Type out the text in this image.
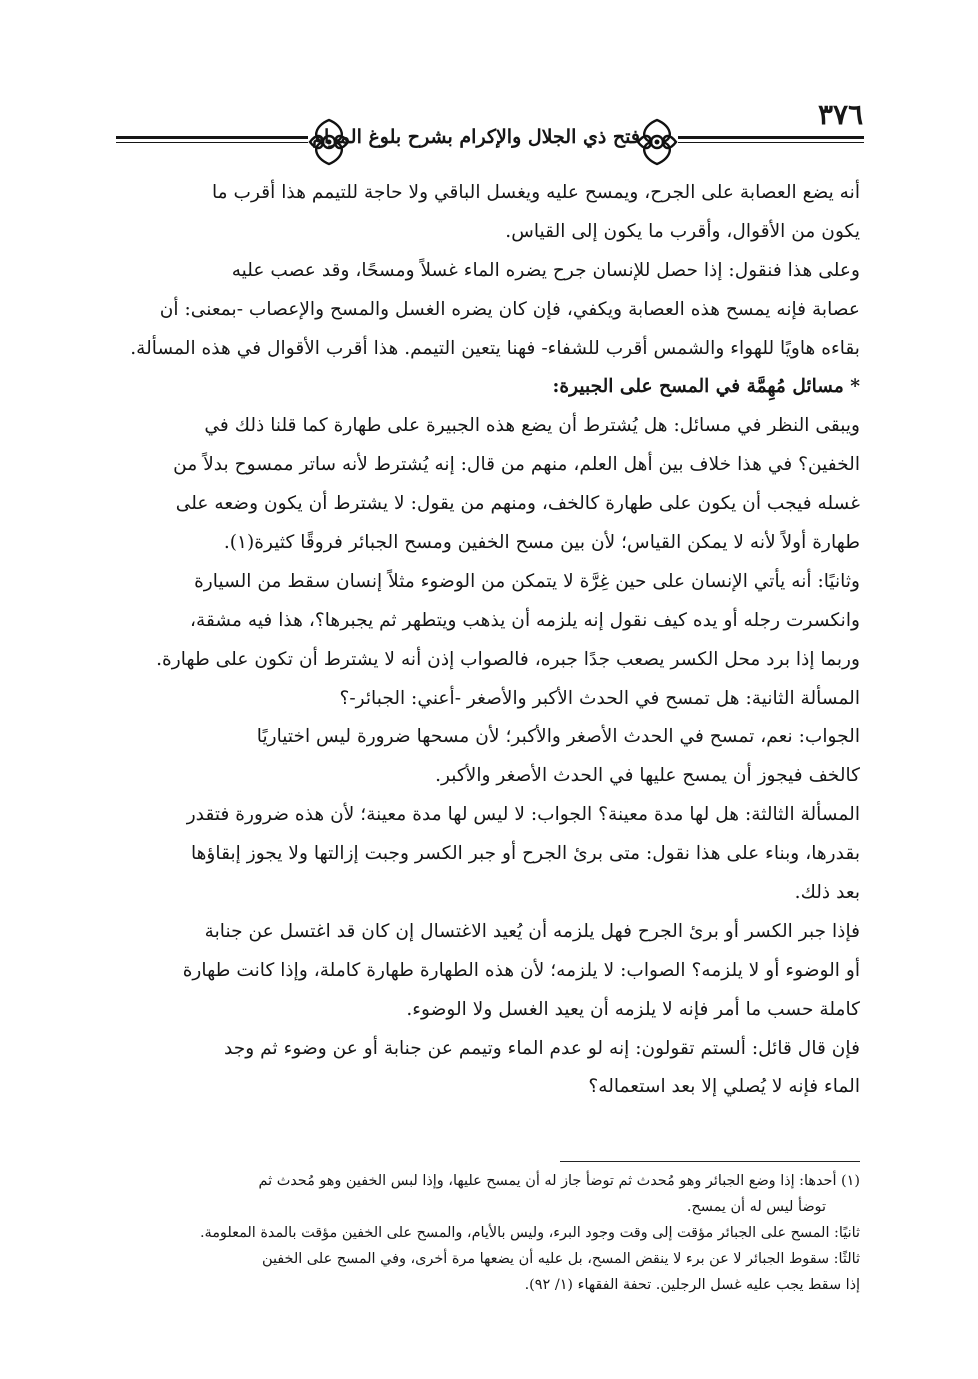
٣٧٦
فتح ذي الجلال والإكرام بشرح بلوغ المرام
أنه يضع العصابة على الجرح، ويمسح عليه ويغسل الباقي ولا حاجة للتيمم هذا أقرب ما
يكون من الأقوال، وأقرب ما يكون إلى القياس.
وعلى هذا فنقول: إذا حصل للإنسان جرح يضره الماء غسلاً ومسحًا، وقد عصب عليه
عصابة فإنه يمسح هذه العصابة ويكفي، فإن كان يضره الغسل والمسح والإعصاب -بمعنى: أن
بقاءه هاويًا للهواء والشمس أقرب للشفاء- فهنا يتعين التيمم. هذا أقرب الأقوال في هذه المسألة.
* مسائل مُهِمَّة في المسح على الجبيرة:
ويبقى النظر في مسائل: هل يُشترط أن يضع هذه الجبيرة على طهارة كما قلنا ذلك في
الخفين؟ في هذا خلاف بين أهل العلم، منهم من قال: إنه يُشترط لأنه ساتر ممسوح بدلاً من
غسله فيجب أن يكون على طهارة كالخف، ومنهم من يقول: لا يشترط أن يكون وضعه على
طهارة أولاً لأنه لا يمكن القياس؛ لأن بين مسح الخفين ومسح الجبائر فروقًا كثيرة(١).
وثانيًا: أنه يأتي الإنسان على حين غِرَّة لا يتمكن من الوضوء مثلاً إنسان سقط من السيارة
وانكسرت رجله أو يده كيف نقول إنه يلزمه أن يذهب ويتطهر ثم يجبرها؟، هذا فيه مشقة،
وربما إذا برد محل الكسر يصعب جدًا جبره، فالصواب إذن أنه لا يشترط أن تكون على طهارة.
المسألة الثانية: هل تمسح في الحدث الأكبر والأصغر -أعني: الجبائر-؟
الجواب: نعم، تمسح في الحدث الأصغر والأكبر؛ لأن مسحها ضرورة ليس اختياريًا
كالخف فيجوز أن يمسح عليها في الحدث الأصغر والأكبر.
المسألة الثالثة: هل لها مدة معينة؟ الجواب: لا ليس لها مدة معينة؛ لأن هذه ضرورة فتقدر
بقدرها، وبناء على هذا نقول: متى برئ الجرح أو جبر الكسر وجبت إزالتها ولا يجوز إبقاؤها
بعد ذلك.
فإذا جبر الكسر أو برئ الجرح فهل يلزمه أن يُعيد الاغتسال إن كان قد اغتسل عن جنابة
أو الوضوء أو لا يلزمه؟ الصواب: لا يلزمه؛ لأن هذه الطهارة طهارة كاملة، وإذا كانت طهارة
كاملة حسب ما أمر فإنه لا يلزمه أن يعيد الغسل ولا الوضوء.
فإن قال قائل: ألستم تقولون: إنه لو عدم الماء وتيمم عن جنابة أو عن وضوء ثم وجد
الماء فإنه لا يُصلي إلا بعد استعماله؟
(١) أحدها: إذا وضع الجبائر وهو مُحدث ثم توضأ جاز له أن يمسح عليها، وإذا لبس الخفين وهو مُحدث ثم
توضأ ليس له أن يمسح.
ثانيًا: المسح على الجبائر مؤقت إلى وقت وجود البرء، وليس بالأيام، والمسح على الخفين مؤقت بالمدة المعلومة.
ثالثًا: سقوط الجبائر لا عن برء لا ينقض المسح، بل عليه أن يضعها مرة أخرى، وفي المسح على الخفين
إذا سقط يجب عليه غسل الرجلين. تحفة الفقهاء (١/ ٩٢).
